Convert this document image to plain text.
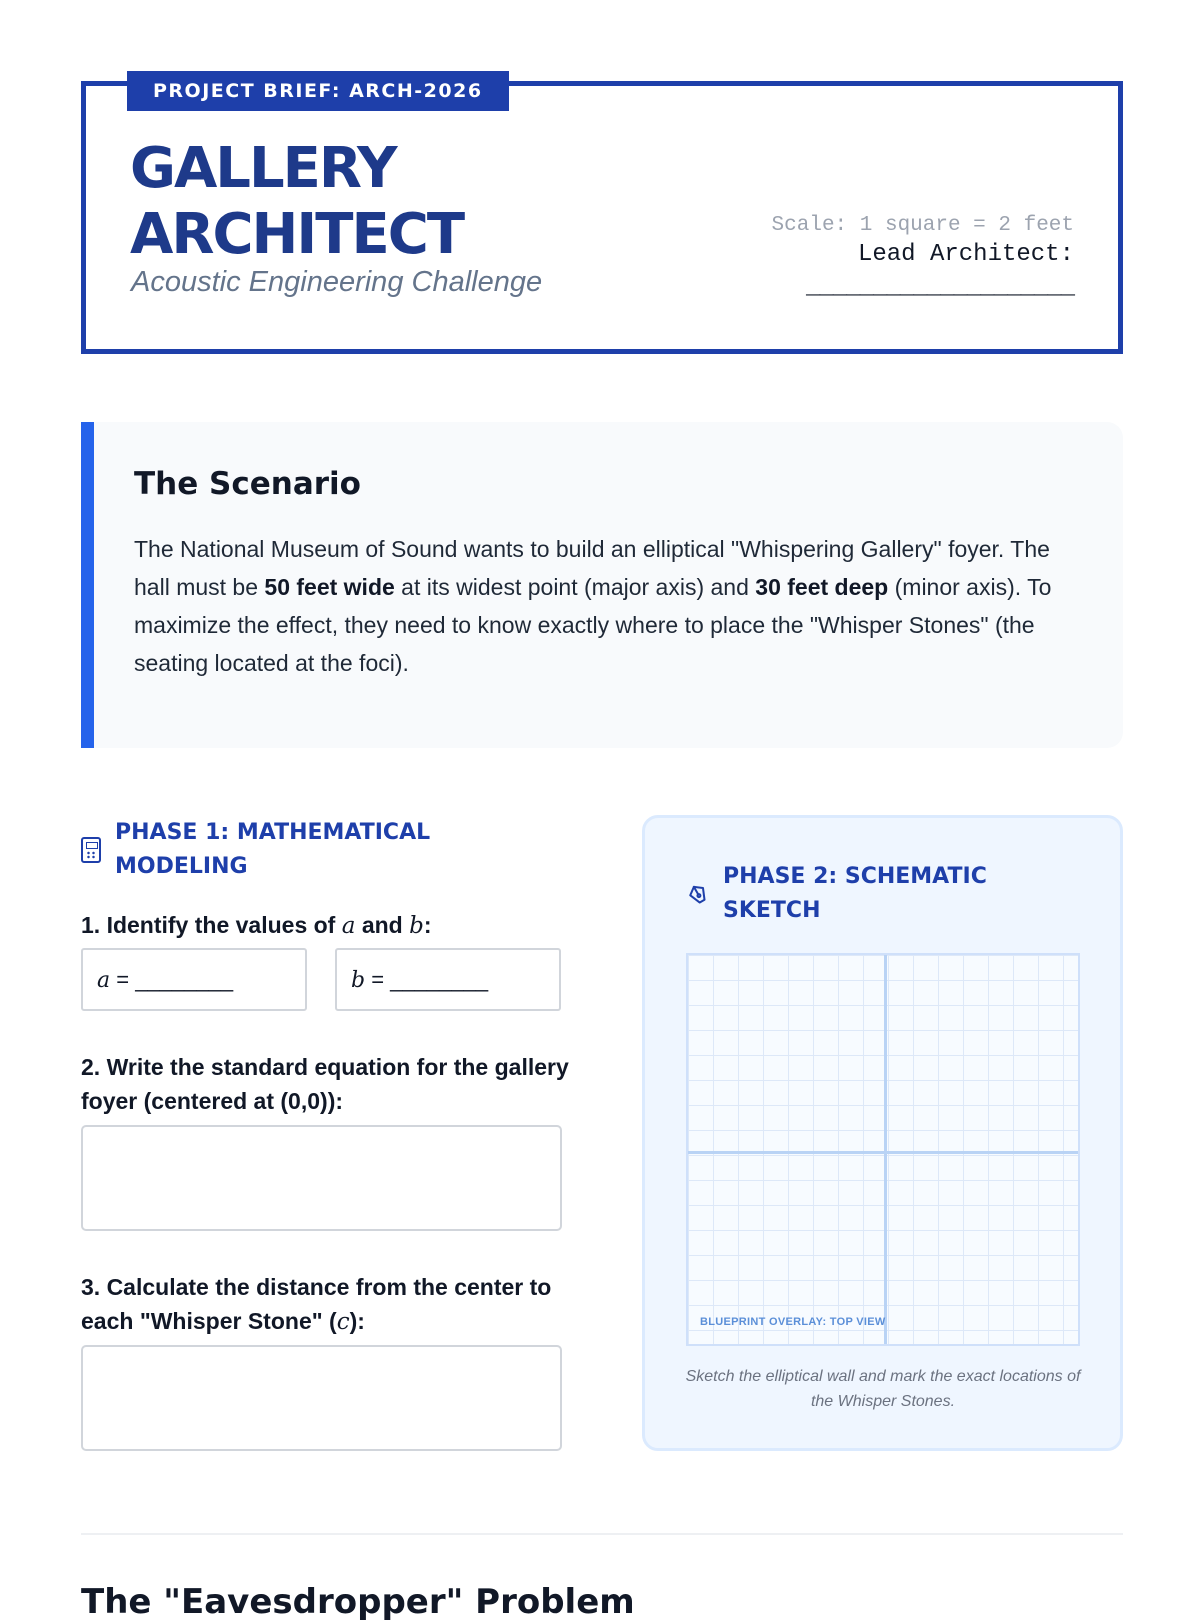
PROJECT BRIEF: ARCH-2026
GALLERY
ARCHITECT
Acoustic Engineering Challenge
Scale: 1 square = 2 feet
Lead Architect:
____________________
The Scenario

The National Museum of Sound wants to build an elliptical "Whispering Gallery" foyer. The hall must be 50 feet wide at its widest point (major axis) and 30 feet deep (minor axis). To maximize the effect, they need to know exactly where to place the "Whisper Stones" (the seating located at the foci).

PHASE 1: MATHEMATICAL MODELING
1. Identify the values of a and b:
a = ________	b = ________
2. Write the standard equation for the gallery foyer (centered at (0,0)):
3. Calculate the distance from the center to each "Whisper Stone" (c):
PHASE 2: SCHEMATIC SKETCH
BLUEPRINT OVERLAY: TOP VIEW
Sketch the elliptical wall and mark the exact locations of the Whisper Stones.
The "Eavesdropper" Problem
